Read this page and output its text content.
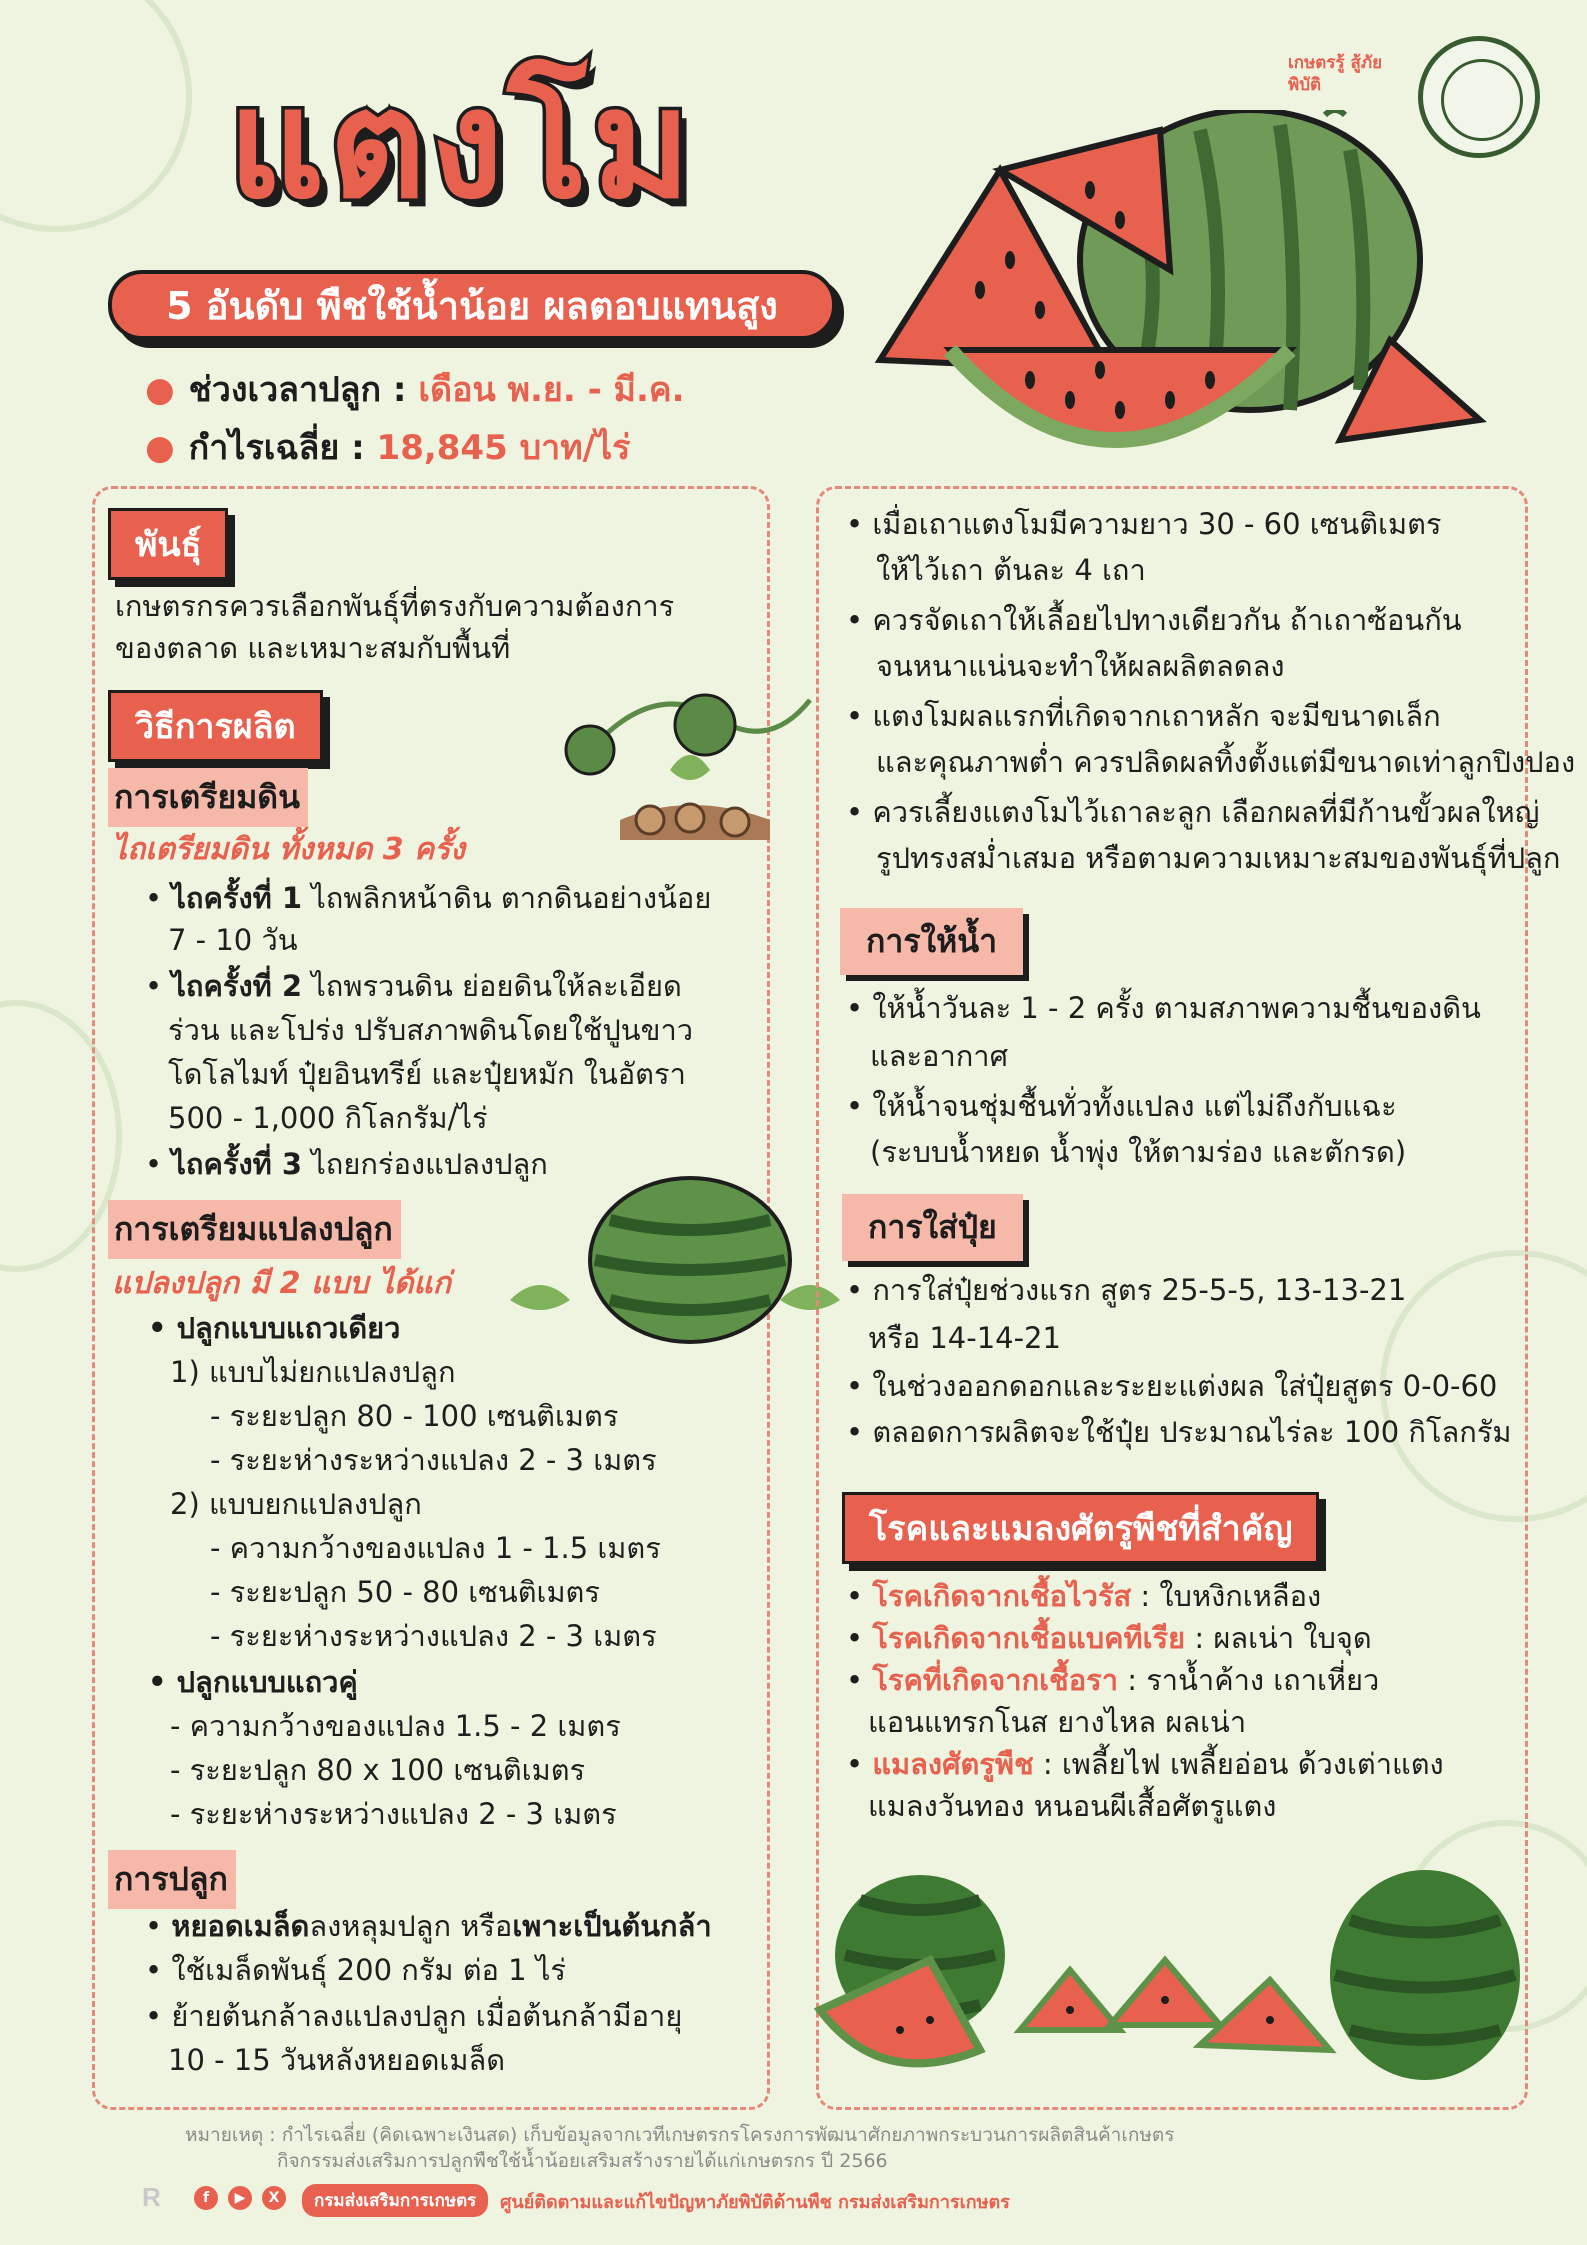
แตงโม
5 อันดับ พืชใช้น้ำน้อย ผลตอบแทนสูง
● ช่วงเวลาปลูก : เดือน พ.ย. - มี.ค.
● กำไรเฉลี่ย : 18,845 บาท/ไร่
เกษตรรู้ สู้ภัยพิบัติ
พันธุ์
เกษตรกรควรเลือกพันธุ์ที่ตรงกับความต้องการ
ของตลาด และเหมาะสมกับพื้นที่
วิธีการผลิต
การเตรียมดิน
ไถเตรียมดิน ทั้งหมด 3 ครั้ง
• ไถครั้งที่ 1 ไถพลิกหน้าดิน ตากดินอย่างน้อย
7 - 10 วัน
• ไถครั้งที่ 2 ไถพรวนดิน ย่อยดินให้ละเอียด
ร่วน และโปร่ง ปรับสภาพดินโดยใช้ปูนขาว
โดโลไมท์ ปุ๋ยอินทรีย์ และปุ๋ยหมัก ในอัตรา
500 - 1,000 กิโลกรัม/ไร่
• ไถครั้งที่ 3 ไถยกร่องแปลงปลูก
การเตรียมแปลงปลูก
แปลงปลูก มี 2 แบบ ได้แก่
• ปลูกแบบแถวเดียว
1) แบบไม่ยกแปลงปลูก
- ระยะปลูก 80 - 100 เซนติเมตร
- ระยะห่างระหว่างแปลง 2 - 3 เมตร
2) แบบยกแปลงปลูก
- ความกว้างของแปลง 1 - 1.5 เมตร
- ระยะปลูก 50 - 80 เซนติเมตร
- ระยะห่างระหว่างแปลง 2 - 3 เมตร
• ปลูกแบบแถวคู่
- ความกว้างของแปลง 1.5 - 2 เมตร
- ระยะปลูก 80 x 100 เซนติเมตร
- ระยะห่างระหว่างแปลง 2 - 3 เมตร
การปลูก
• หยอดเมล็ดลงหลุมปลูก หรือเพาะเป็นต้นกล้า
• ใช้เมล็ดพันธุ์ 200 กรัม ต่อ 1 ไร่
• ย้ายต้นกล้าลงแปลงปลูก เมื่อต้นกล้ามีอายุ
10 - 15 วันหลังหยอดเมล็ด
• เมื่อเถาแตงโมมีความยาว 30 - 60 เซนติเมตร
ให้ไว้เถา ต้นละ 4 เถา
• ควรจัดเถาให้เลื้อยไปทางเดียวกัน ถ้าเถาซ้อนกัน
จนหนาแน่นจะทำให้ผลผลิตลดลง
• แตงโมผลแรกที่เกิดจากเถาหลัก จะมีขนาดเล็ก
และคุณภาพต่ำ ควรปลิดผลทิ้งตั้งแต่มีขนาดเท่าลูกปิงปอง
• ควรเลี้ยงแตงโมไว้เถาละลูก เลือกผลที่มีก้านขั้วผลใหญ่
รูปทรงสม่ำเสมอ หรือตามความเหมาะสมของพันธุ์ที่ปลูก
การให้น้ำ
• ให้น้ำวันละ 1 - 2 ครั้ง ตามสภาพความชื้นของดิน
และอากาศ
• ให้น้ำจนชุ่มชื้นทั่วทั้งแปลง แต่ไม่ถึงกับแฉะ
(ระบบน้ำหยด น้ำพุ่ง ให้ตามร่อง และตักรด)
การใส่ปุ๋ย
• การใส่ปุ๋ยช่วงแรก สูตร 25-5-5, 13-13-21
หรือ 14-14-21
• ในช่วงออกดอกและระยะแต่งผล ใส่ปุ๋ยสูตร 0-0-60
• ตลอดการผลิตจะใช้ปุ๋ย ประมาณไร่ละ 100 กิโลกรัม
โรคและแมลงศัตรูพืชที่สำคัญ
• โรคเกิดจากเชื้อไวรัส : ใบหงิกเหลือง
• โรคเกิดจากเชื้อแบคทีเรีย : ผลเน่า ใบจุด
• โรคที่เกิดจากเชื้อรา : ราน้ำค้าง เถาเหี่ยว
แอนแทรกโนส ยางไหล ผลเน่า
• แมลงศัตรูพืช : เพลี้ยไฟ เพลี้ยอ่อน ด้วงเต่าแตง
แมลงวันทอง หนอนผีเสื้อศัตรูแตง
หมายเหตุ : กำไรเฉลี่ย (คิดเฉพาะเงินสด) เก็บข้อมูลจากเวทีเกษตรกรโครงการพัฒนาศักยภาพกระบวนการผลิตสินค้าเกษตร
กิจกรรมส่งเสริมการปลูกพืชใช้น้ำน้อยเสริมสร้างรายได้แก่เกษตรกร ปี 2566
R	f	▶	X	กรมส่งเสริมการเกษตร	ศูนย์ติดตามและแก้ไขปัญหาภัยพิบัติด้านพืช กรมส่งเสริมการเกษตร
